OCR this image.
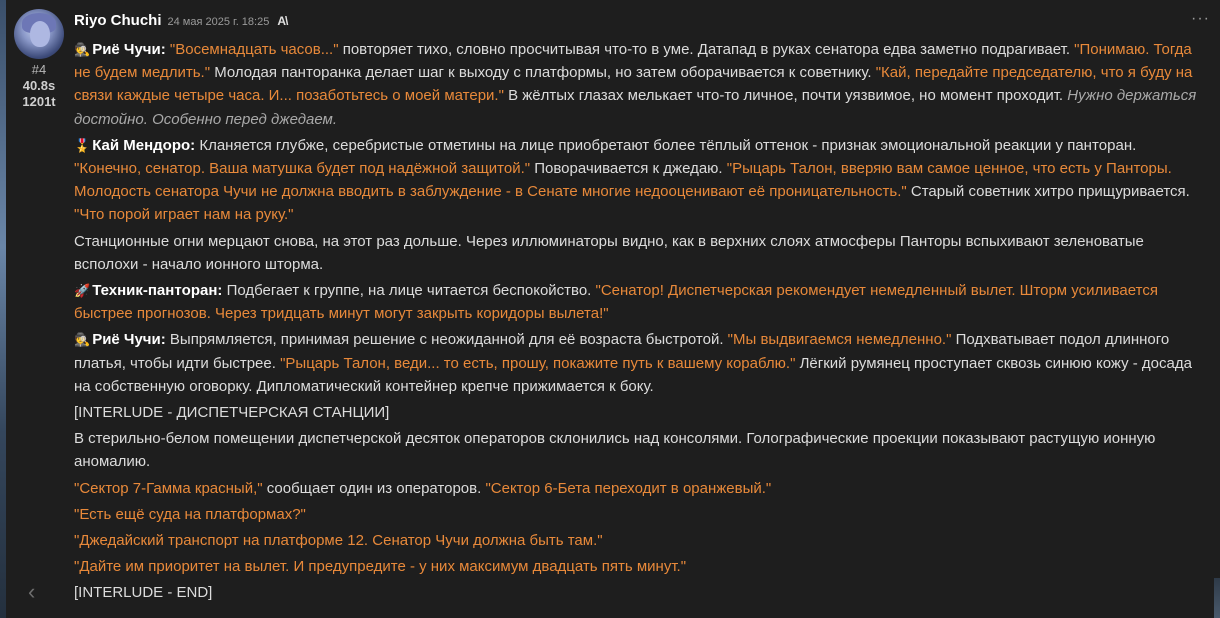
#4
40.8s
1201t
Riyo Chuchi 24 мая 2025 г. 18:25 A\	···

🕵️ Риё Чучи: "Восемнадцать часов..." повторяет тихо, словно просчитывая что-то в уме. Датапад в руках сенатора едва заметно подрагивает. "Понимаю. Тогда не будем медлить." Молодая пантoранка делает шаг к выходу с платформы, но затем оборачивается к советнику. "Кай, передайте председателю, что я буду на связи каждые четыре часа. И... позаботьтесь о моей матери." В жёлтых глазах мелькает что-то личное, почти уязвимое, но момент проходит. Нужно держаться достойно. Особенно перед джедаем.

🎖️ Кай Мендоро: Кланяется глубже, серебристые отметины на лице приобретают более тёплый оттенок - признак эмоциональной реакции у пантoран. "Конечно, сенатор. Ваша матушка будет под надёжной защитой." Поворачивается к джедаю. "Рыцарь Талон, вверяю вам самое ценное, что есть у Панторы. Молодость сенатора Чучи не должна вводить в заблуждение - в Сенате многие недооценивают её проницательность." Старый советник хитро прищуривается. "Что порой играет нам на руку."

Станционные огни мерцают снова, на этот раз дольше. Через иллюминаторы видно, как в верхних слоях атмосферы Панторы вспыхивают зеленоватые всполохи - начало ионного шторма.

🚀 Техник-пантoран: Подбегает к группе, на лице читается беспокойство. "Сенатор! Диспетчерская рекомендует немедленный вылет. Шторм усиливается быстрее прогнозов. Через тридцать минут могут закрыть коридоры вылета!"

🕵️ Риё Чучи: Выпрямляется, принимая решение с неожиданной для её возраста быстротой. "Мы выдвигаемся немедленно." Подхватывает подол длинного платья, чтобы идти быстрее. "Рыцарь Талон, веди... то есть, прошу, покажите путь к вашему кораблю." Лёгкий румянец проступает сквозь синюю кожу - досада на собственную оговорку. Дипломатический контейнер крепче прижимается к боку.

[INTERLUDE - ДИСПЕТЧЕРСКАЯ СТАНЦИИ]

В стерильно-белом помещении диспетчерской десяток операторов склонились над консолями. Голографические проекции показывают растущую ионную аномалию.

"Сектор 7-Гамма красный," сообщает один из операторов. "Сектор 6-Бета переходит в оранжевый."

"Есть ещё суда на платформах?"

"Джедайский транспорт на платформе 12. Сенатор Чучи должна быть там."

"Дайте им приоритет на вылет. И предупредите - у них максимум двадцать пять минут."

[INTERLUDE - END]

‹
